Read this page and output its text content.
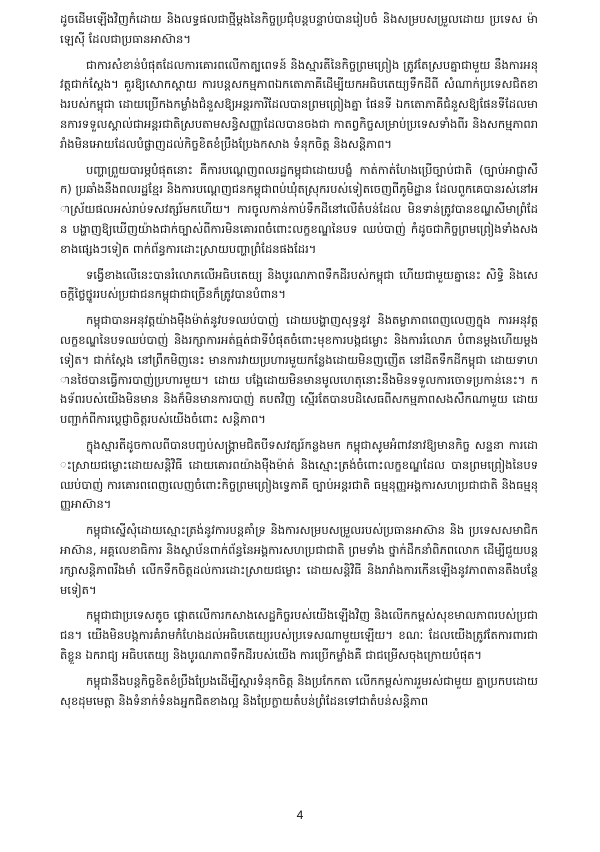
ដូចដើមឡើងវិញកំដោយ និងលទ្ធផលជាថ្មីម្តងនៃកិច្ចប្រជុំបន្តបន្ទាប់បានរៀបចំ និងសម្របសម្រួលដោយ ប្រទេស ម៉ាឡេស៊ី ដែលជាប្រធានអាស៊ាន។

ជាការសំខាន់បំផុតដែលការគោរពលើកាត្បពេទន៍ និងស្មារតីនៃកិច្ចព្រមព្រៀង ត្រូវតែស្របគ្នាជាមួយ នឹងការអនុវត្តជាក់ស្តែង។ គួរឱ្យសោកស្តាយ ការបន្តសកម្មភាពឯកតោភាគីដើម្បីយកអធិបតេយ្យទឹកដីពី សំណាក់ប្រទេសជិតខាងរបស់កម្ពុជា ដោយប្រើកងកម្លាំងជំនួសឱ្យអន្តរការីដែលបានព្រមព្រៀងគ្នា ផែនទី ឯកតោភាគីជំនួសឱ្យផែនទីដែលមានការទទួលស្គាល់ជាអន្តរជាតិស្របតាមសន្ធិសញ្ញាដែលបានចងជា កាតព្វកិច្ចសម្រាប់ប្រទេសទាំងពីរ និងសកម្មភាពរារាំងមិនអោយដែលបំផ្លាញដល់កិច្ចខិតខំប្រឹងប្រែងកសាង ទំនុកចិត្ត និងសន្តិភាព។

បញ្ហាព្រួយបារម្ភបំផុតនោះ គឺការបណ្តេញពលរដ្ឋកម្ពុជាដោយបង្ខំ កាត់កាត់ហែងប្រើច្បាប់ជាតិ (ច្បាប់អាជ្ញាសឹក) ប្រឆាំងនឹងពលរដ្ឋខ្មែរ និងការបណ្តេញជនកម្ពុជាពប់ឃុំតស្រុករបស់ទៀតចេញពីភូមិដ្ឋាន ដែលពួកគេបានរស់នៅអាស្រ័យផលអស់រាប់ទសវត្សរ៍មកហើយ។ ការចូលកាន់កាប់ទឹកដីនៅលើតំបន់ដែល មិនទាន់ត្រូវបានខណ្ឌសីមាព្រំដែន បង្ហាញឱ្យឃើញយ៉ាងជាក់ច្បាស់ពីការមិនគោរពចំពោះលក្ខខណ្ឌនៃបទ ឈប់បាញ់ កំដូចជាកិច្ចព្រមព្រៀងទាំងសងខាងផ្សេងៗទៀត ពាក់ព័ន្ធការដោះស្រាយបញ្ហាព្រំដែនផងដែរ។

ទង្វើខាងលើនេះបានរំលោភលើអធិបតេយ្យ និងបូរណភាពទឹកដីរបស់កម្ពុជា ហើយជាមួយគ្នានេះ សិទ្ធិ និងសេចក្តីថ្លៃថ្នូររបស់ប្រជាជនកម្ពុជាជាច្រើនក៏ត្រូវបានបំពាន។

កម្ពុជាបានអនុវត្តយ៉ាងម៉ឺងម៉ាត់នូវបទឈប់បាញ់ ដោយបង្ហាញសុទ្ធនូវ និងតម្លាភាពពេញលេញក្នុង ការអនុវត្តលក្ខខណ្ឌនៃបទឈប់បាញ់ និងរក្សាការអត់ធ្មត់ជាទីបំផុតចំពោះមុខការបង្កជម្លោះ និងការរំលោភ បំពានម្តងហើយម្តងទៀត។ ជាក់ស្តែង នៅព្រឹកមិញនេះ មានការវាយប្រហារមួយកន្លែងដោយមិនញញើត នៅដីតទឹកដីកម្ពុជា ដោយទាហានថៃបានធ្វើការបាញ់ប្រហារមួយ។ ដោយ បង្អែដោយមិនមានមូលហេតុនោះនឹងមិនទទួលការចោទប្រកាន់នេះ។ កងទ័ពរបស់យើងមិនមាន និងក៏មិនមានការបាញ់ តបតវិញ ស្មើរតែបានបដិសេធពីសកម្មភាពសងសឹកណាមួយ ដោយបញ្ជាក់ពីការប្តេជ្ញាចិត្តរបស់យើងចំពោះ សន្តិភាព។

ក្នុងស្មារតីដូចកាលពីបានបញ្ចប់សង្គ្រាមជិតបីទសវត្សរ៍កន្លងមក កម្ពុជាសូមអំពាវនាវឱ្យមានកិច្ច សន្ទនា ការដោះស្រាយជម្លោះដោយសន្តិវិធី ដោយគោរពយ៉ាងម៉ឺងម៉ាត់ និងស្មោះត្រង់ចំពោះលក្ខខណ្ឌដែល បានព្រមព្រៀងនៃបទឈប់បាញ់ ការគោរពពេញលេញចំពោះកិច្ចព្រមព្រៀងទ្វេភាគី ច្បាប់អន្តរជាតិ ធម្មនុញ្ញអង្គការសហប្រជាជាតិ និងធម្មនុញ្ញអាស៊ាន។

កម្ពុជាស្នើសុំដោយស្មោះត្រង់នូវការបន្តគាំទ្រ និងការសម្របសម្រួលរបស់ប្រធានអាស៊ាន និង ប្រទេសសមាជិកអាស៊ាន, អគ្គលេខាធិការ និងស្ថាប័នពាក់ព័ន្ធនៃអង្គការសហប្រជាជាតិ ព្រមទាំង ថ្នាក់ដឹកនាំពិភពលោក ដើម្បីជួយបន្តរក្សាសន្តិភាពរឹងមាំ លើកទឹកចិត្តដល់ការដោះស្រាយជម្លោះ ដោយសន្តិវិធី និងរារាំងការកើនឡើងនូវភាពតានតឹងបន្ថែមទៀត។

កម្ពុជាជាប្រទេសតូច ផ្តោតលើការកសាងសេដ្ឋកិច្ចរបស់យើងឡើងវិញ និងលើកកម្ពស់សុខមាលភាពរបស់ប្រជាជន។ យើងមិនបង្កការគំរាមកំហែងដល់អធិបតេយ្យរបស់ប្រទេសណាមួយឡើយ។ ខណៈ ដែលយើងត្រូវតែការពារជាតិខ្លួន ឯករាជ្យ អធិបតេយ្យ និងបូរណភាពទឹកដីរបស់យើង ការប្រើកម្លាំងគឺ ជាជម្រើសចុងក្រោយបំផុត។

កម្ពុជានឹងបន្តកិច្ចខិតខំប្រឹងប្រែងដើម្បីស្តារទំនុកចិត្ត និងប្រកែកតា លើកកម្ពស់ការរួមរស់ជាមួយ គ្នាប្រកបដោយសុខដុមមេត្តា និងទំនាក់ទំនងអ្នកជិតខាងល្អ និងប្រែក្លាយតំបន់ព្រំដែនទៅជាតំបន់សន្តិភាព

4
